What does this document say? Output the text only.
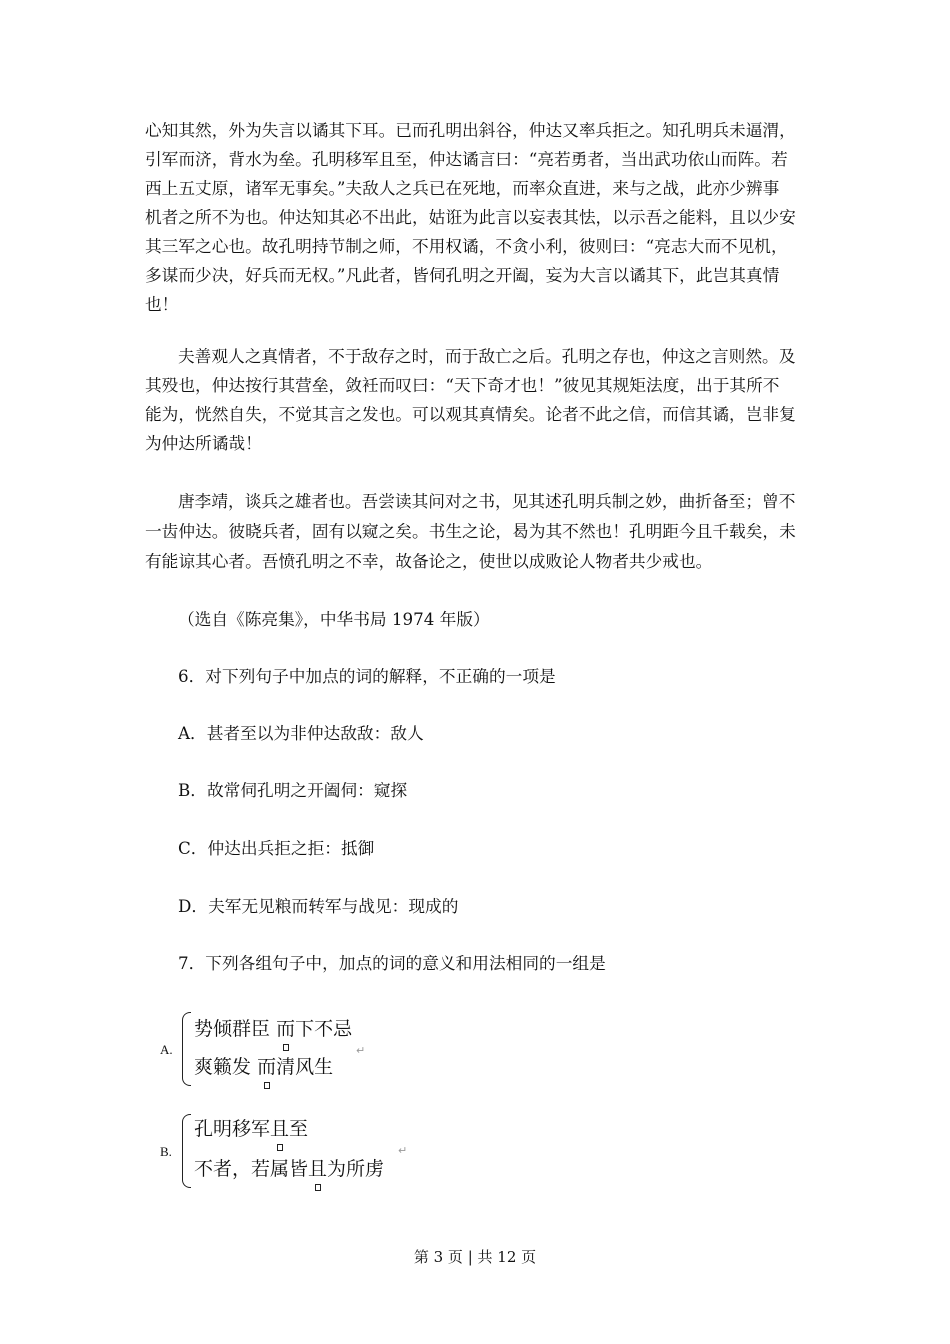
心知其然，外为失言以谲其下耳。已而孔明出斜谷，仲达又率兵拒之。知孔明兵未逼渭，
引军而济，背水为垒。孔明移军且至，仲达谲言曰：“亮若勇者，当出武功依山而阵。若
西上五丈原，诸军无事矣。”夫敌人之兵已在死地，而率众直进，来与之战，此亦少辨事
机者之所不为也。仲达知其必不出此，姑诳为此言以妄表其怯，以示吾之能料，且以少安
其三军之心也。故孔明持节制之师，不用权谲，不贪小利，彼则曰：“亮志大而不见机，
多谋而少决，好兵而无权。”凡此者，皆伺孔明之开阖，妄为大言以谲其下，此岂其真情
也！
夫善观人之真情者，不于敌存之时，而于敌亡之后。孔明之存也，仲这之言则然。及
其殁也，仲达按行其营垒，敛衽而叹曰：“天下奇才也！”彼见其规矩法度，出于其所不
能为，恍然自失，不觉其言之发也。可以观其真情矣。论者不此之信，而信其谲，岂非复
为仲达所谲哉！
唐李靖，谈兵之雄者也。吾尝读其问对之书，见其述孔明兵制之妙，曲折备至；曾不
一齿仲达。彼晓兵者，固有以窥之矣。书生之论，曷为其不然也！孔明距今且千载矣，未
有能谅其心者。吾愤孔明之不幸，故备论之，使世以成败论人物者共少戒也。
（选自《陈亮集》，中华书局 1974 年版）
6．对下列句子中加点的词的解释，不正确的一项是
A．甚者至以为非仲达敌敌：敌人
B．故常伺孔明之开阖伺：窥探
C．仲达出兵拒之拒：抵御
D．夫军无见粮而转军与战见：现成的
7．下列各组句子中，加点的词的意义和用法相同的一组是
A.
势倾群臣 而下不忌
爽籁发 而清风生
↵
B.
孔明移军且至
不者，若属皆且为所虏
↵
第 3 页 | 共 12 页
